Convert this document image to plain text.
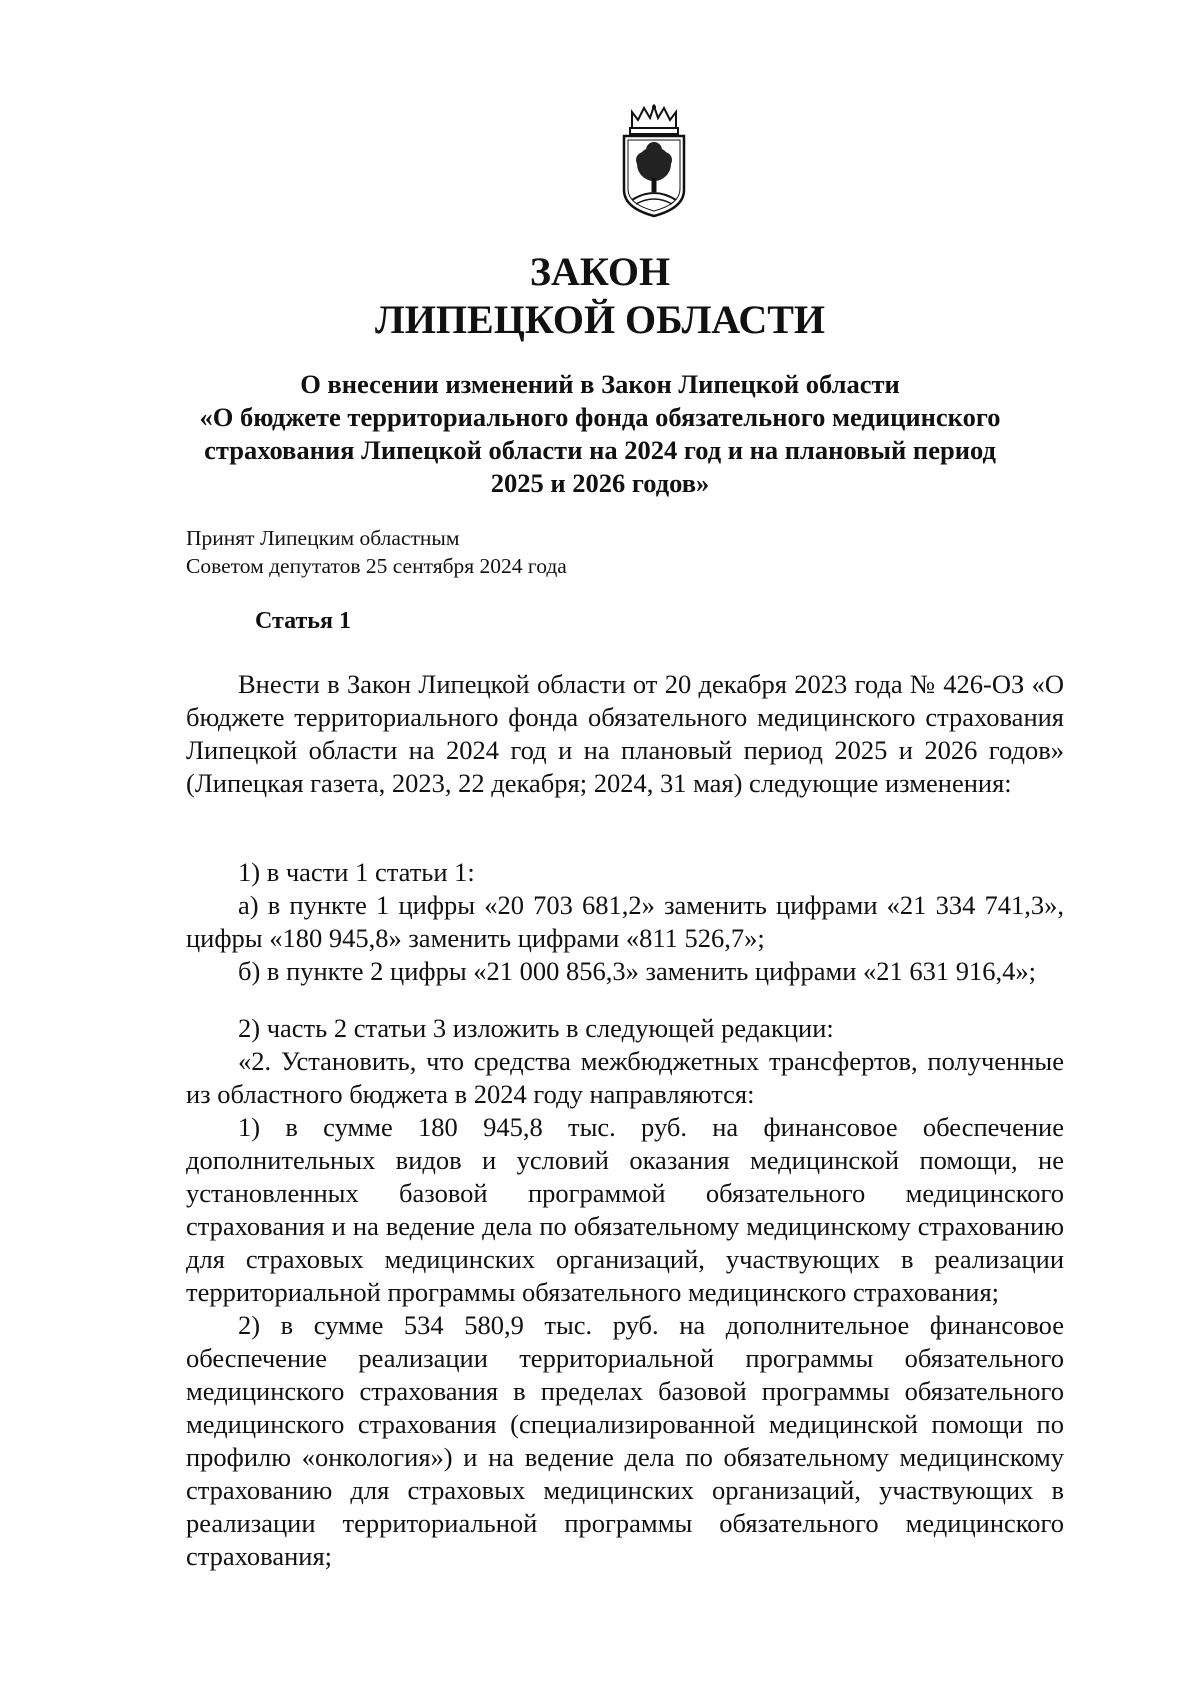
ЗАКОН
ЛИПЕЦКОЙ ОБЛАСТИ
О внесении изменений в Закон Липецкой области
«О бюджете территориального фонда обязательного медицинского
страхования Липецкой области на 2024 год и на плановый период
2025 и 2026 годов»
Принят Липецким областным
Советом депутатов 25 сентября 2024 года
Статья 1

Внести в Закон Липецкой области от 20 декабря 2023 года № 426-ОЗ «О бюджете территориального фонда обязательного медицинского страхования Липецкой области на 2024 год и на плановый период 2025 и 2026 годов» (Липецкая газета, 2023, 22 декабря; 2024, 31 мая) следующие изменения:

1) в части 1 статьи 1:

а) в пункте 1 цифры «20 703 681,2» заменить цифрами «21 334 741,3», цифры «180 945,8» заменить цифрами «811 526,7»;

б) в пункте 2 цифры «21 000 856,3» заменить цифрами «21 631 916,4»;

2) часть 2 статьи 3 изложить в следующей редакции:

«2. Установить, что средства межбюджетных трансфертов, полученные из областного бюджета в 2024 году направляются:

1) в сумме 180 945,8 тыс. руб. на финансовое обеспечение дополнительных видов и условий оказания медицинской помощи, не установленных базовой программой обязательного медицинского страхования и на ведение дела по обязательному медицинскому страхованию для страховых медицинских организаций, участвующих в реализации территориальной программы обязательного медицинского страхования;

2) в сумме 534 580,9 тыс. руб. на дополнительное финансовое обеспечение реализации территориальной программы обязательного медицинского страхования в пределах базовой программы обязательного медицинского страхования (специализированной медицинской помощи по профилю «онкология») и на ведение дела по обязательному медицинскому страхованию для страховых медицинских организаций, участвующих в реализации территориальной программы обязательного медицинского страхования;
